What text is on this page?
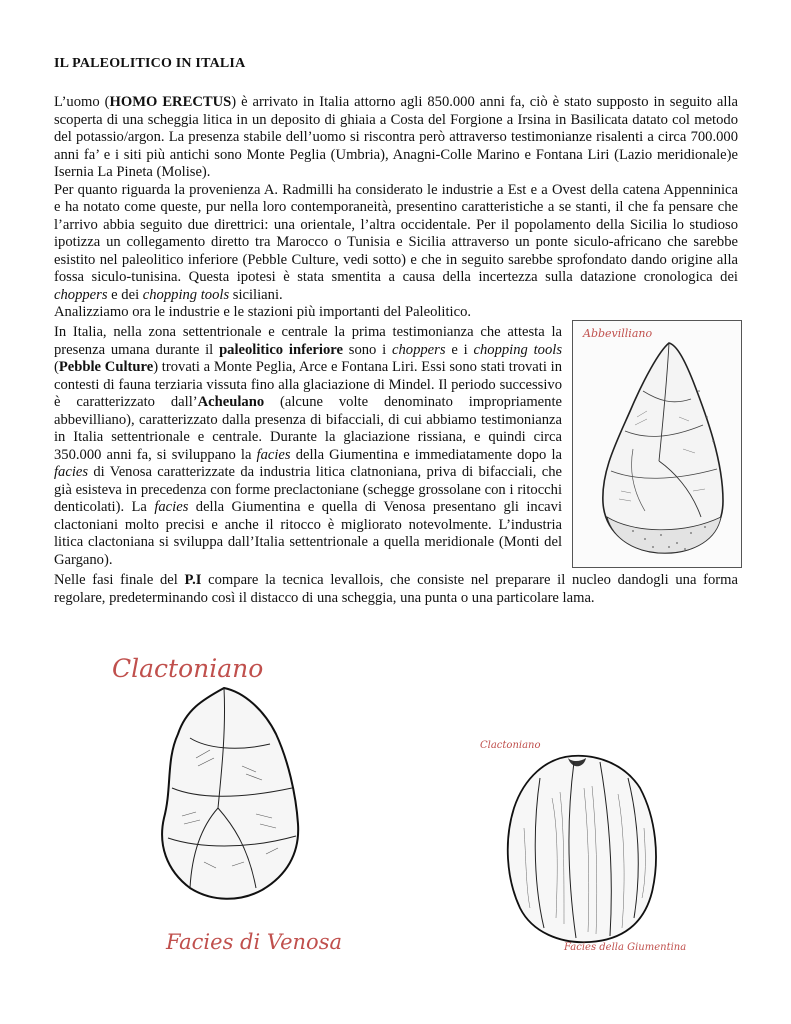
IL PALEOLITICO IN ITALIA

L’uomo (HOMO ERECTUS) è arrivato in Italia attorno agli 850.000 anni fa, ciò è stato supposto in seguito alla scoperta di una scheggia litica in un deposito di ghiaia a Costa del Forgione a Irsina in Basilicata datato col metodo del potassio/argon. La presenza stabile dell’uomo si riscontra però attraverso testimonianze risalenti a circa 700.000 anni fa’ e i siti più antichi sono Monte Peglia (Umbria), Anagni-Colle Marino e Fontana Liri (Lazio meridionale)e Isernia La Pineta (Molise).

Per quanto riguarda la provenienza A. Radmilli ha considerato le industrie a Est e a Ovest della catena Appenninica e ha notato come queste, pur nella loro contemporaneità, presentino caratteristiche a se stanti, il che fa pensare che l’arrivo abbia seguito due direttrici: una orientale, l’altra occidentale. Per il popolamento della Sicilia lo studioso ipotizza un collegamento diretto tra Marocco o Tunisia e Sicilia attraverso un ponte siculo-africano che sarebbe esistito nel paleolitico inferiore (Pebble Culture, vedi sotto) e che in seguito sarebbe sprofondato dando origine alla fossa siculo-tunisina. Questa ipotesi è stata smentita a causa della incertezza sulla datazione cronologica dei choppers e dei chopping tools siciliani.

Analizziamo ora le industrie e le stazioni più importanti del Paleolitico.

In Italia, nella zona settentrionale e centrale la prima testimonianza che attesta la presenza umana durante il paleolitico inferiore sono i choppers e i chopping tools (Pebble Culture) trovati a Monte Peglia, Arce e Fontana Liri. Essi sono stati trovati in contesti di fauna terziaria vissuta fino alla glaciazione di Mindel. Il periodo successivo è caratterizzato dall’Acheulano (alcune volte denominato impropriamente abbevilliano), caratterizzato dalla presenza di bifacciali, di cui abbiamo testimonianza in Italia settentrionale e centrale. Durante la glaciazione rissiana, e quindi circa 350.000 anni fa, si sviluppano la facies della Giumentina e immediatamente dopo la facies di Venosa caratterizzate da industria litica clatnoniana, priva di bifacciali, che già esisteva in precedenza con forme preclactoniane (schegge grossolane con i ritocchi denticolati). La facies della Giumentina e quella di Venosa presentano gli incavi clactoniani molto precisi e anche il ritocco è migliorato notevolmente. L’industria litica clactoniana si sviluppa dall’Italia settentrionale a quella meridionale (Monti del Gargano).

Nelle fasi finale del P.I compare la tecnica levallois, che consiste nel preparare il nucleo dandogli una forma regolare, predeterminando così il distacco di una scheggia, una punta o una particolare lama.

Abbevilliano
Clactoniano
Facies di Venosa
Clactoniano
Facies della Giumentina
